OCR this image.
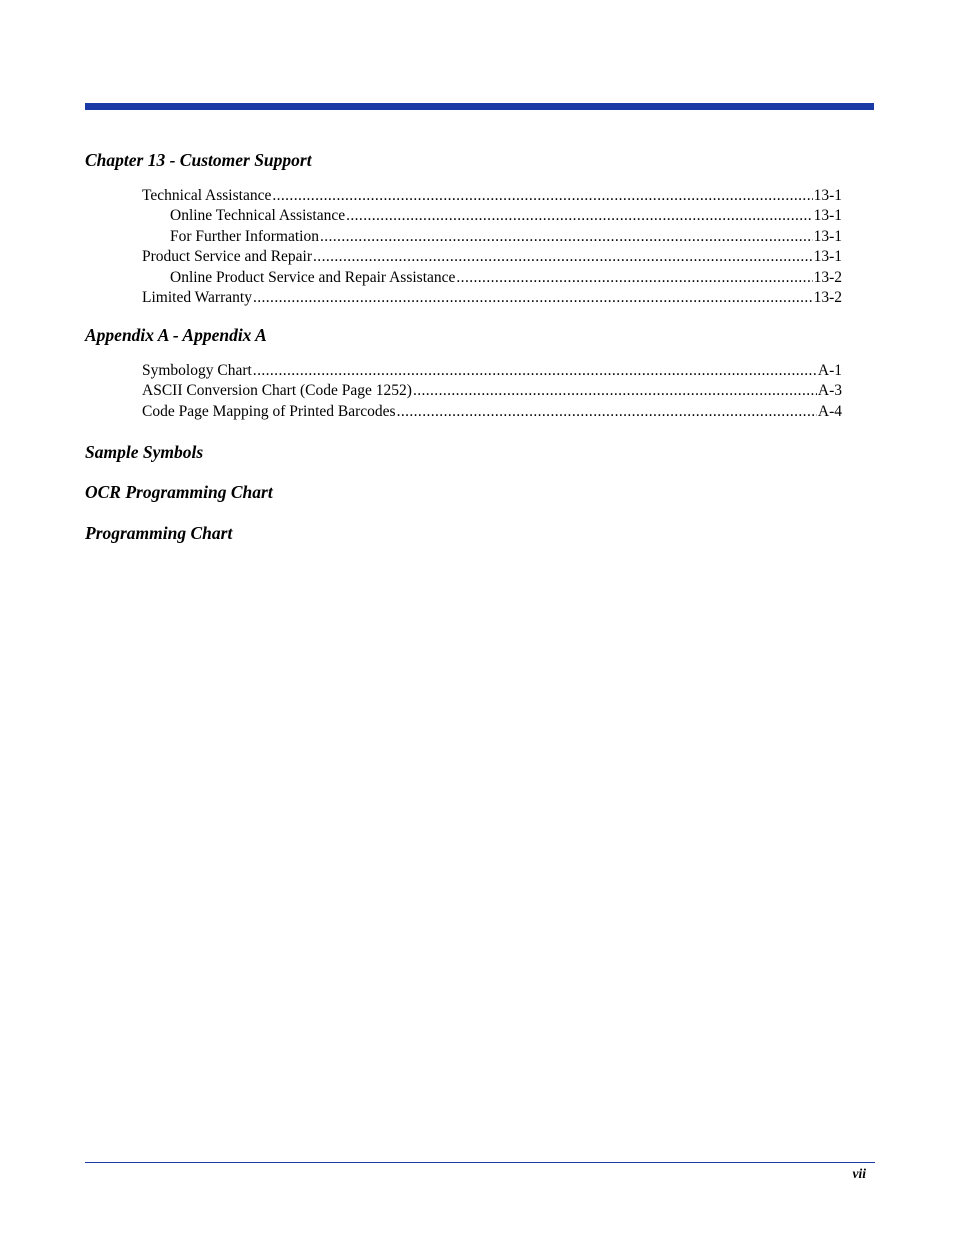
Chapter 13 - Customer Support
Technical Assistance .....	13-1
Online Technical Assistance .....	13-1
For Further Information .....	13-1
Product Service and Repair .....	13-1
Online Product Service and Repair Assistance .....	13-2
Limited Warranty .....	13-2
Appendix A - Appendix A
Symbology Chart .....	A-1
ASCII Conversion Chart (Code Page 1252) .....	A-3
Code Page Mapping of Printed Barcodes .....	A-4
Sample Symbols
OCR Programming Chart
Programming Chart
vii
